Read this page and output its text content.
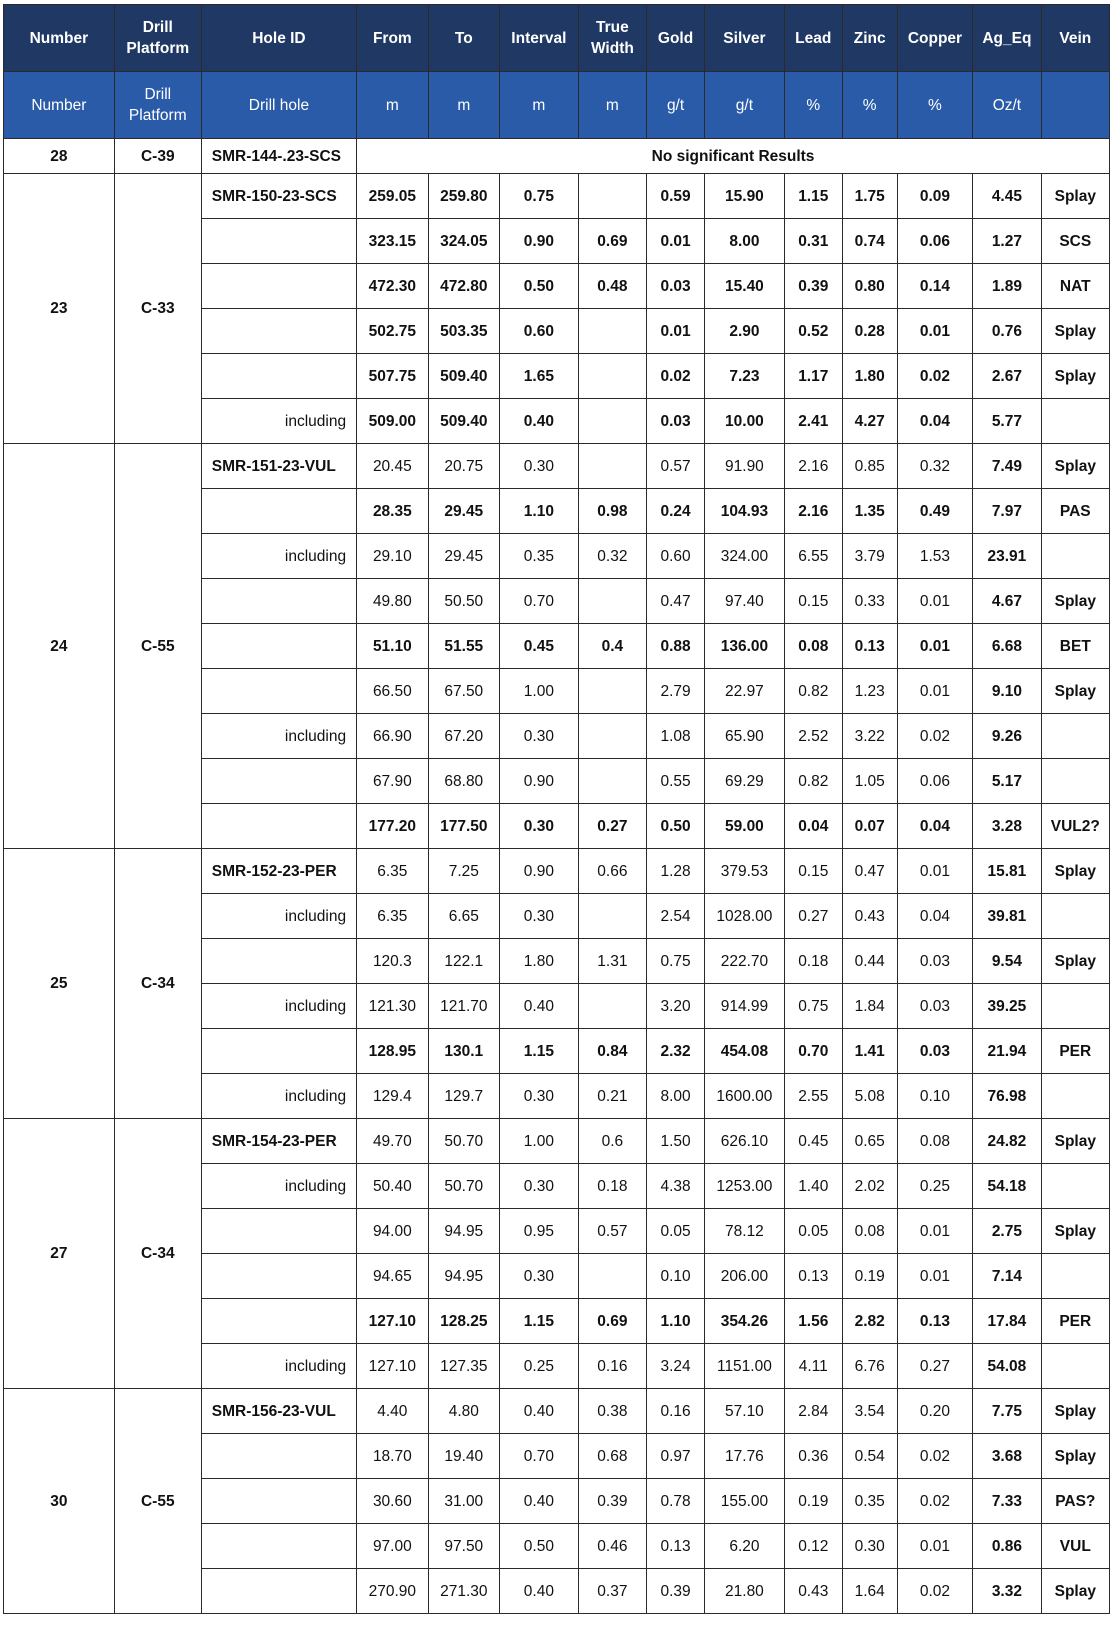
Number	Drill Platform	Hole ID	From	To	Interval	True Width	Gold	Silver	Lead	Zinc	Copper	Ag_Eq	Vein
Number	Drill Platform	Drill hole	m	m	m	m	g/t	g/t	%	%	%	Oz/t	
28	C-39	SMR-144-.23-SCS	No significant Results										
23	C-33	SMR-150-23-SCS	259.05	259.80	0.75		0.59	15.90	1.15	1.75	0.09	4.45	Splay
			323.15	324.05	0.90	0.69	0.01	8.00	0.31	0.74	0.06	1.27	SCS
			472.30	472.80	0.50	0.48	0.03	15.40	0.39	0.80	0.14	1.89	NAT
			502.75	503.35	0.60		0.01	2.90	0.52	0.28	0.01	0.76	Splay
			507.75	509.40	1.65		0.02	7.23	1.17	1.80	0.02	2.67	Splay
		including	509.00	509.40	0.40		0.03	10.00	2.41	4.27	0.04	5.77	
24	C-55	SMR-151-23-VUL	20.45	20.75	0.30		0.57	91.90	2.16	0.85	0.32	7.49	Splay
			28.35	29.45	1.10	0.98	0.24	104.93	2.16	1.35	0.49	7.97	PAS
		including	29.10	29.45	0.35	0.32	0.60	324.00	6.55	3.79	1.53	23.91	
			49.80	50.50	0.70		0.47	97.40	0.15	0.33	0.01	4.67	Splay
			51.10	51.55	0.45	0.4	0.88	136.00	0.08	0.13	0.01	6.68	BET
			66.50	67.50	1.00		2.79	22.97	0.82	1.23	0.01	9.10	Splay
		including	66.90	67.20	0.30		1.08	65.90	2.52	3.22	0.02	9.26	
			67.90	68.80	0.90		0.55	69.29	0.82	1.05	0.06	5.17	
			177.20	177.50	0.30	0.27	0.50	59.00	0.04	0.07	0.04	3.28	VUL2?
25	C-34	SMR-152-23-PER	6.35	7.25	0.90	0.66	1.28	379.53	0.15	0.47	0.01	15.81	Splay
		including	6.35	6.65	0.30		2.54	1028.00	0.27	0.43	0.04	39.81	
			120.3	122.1	1.80	1.31	0.75	222.70	0.18	0.44	0.03	9.54	Splay
		including	121.30	121.70	0.40		3.20	914.99	0.75	1.84	0.03	39.25	
			128.95	130.1	1.15	0.84	2.32	454.08	0.70	1.41	0.03	21.94	PER
		including	129.4	129.7	0.30	0.21	8.00	1600.00	2.55	5.08	0.10	76.98	
27	C-34	SMR-154-23-PER	49.70	50.70	1.00	0.6	1.50	626.10	0.45	0.65	0.08	24.82	Splay
		including	50.40	50.70	0.30	0.18	4.38	1253.00	1.40	2.02	0.25	54.18	
			94.00	94.95	0.95	0.57	0.05	78.12	0.05	0.08	0.01	2.75	Splay
			94.65	94.95	0.30		0.10	206.00	0.13	0.19	0.01	7.14	
			127.10	128.25	1.15	0.69	1.10	354.26	1.56	2.82	0.13	17.84	PER
		including	127.10	127.35	0.25	0.16	3.24	1151.00	4.11	6.76	0.27	54.08	
30	C-55	SMR-156-23-VUL	4.40	4.80	0.40	0.38	0.16	57.10	2.84	3.54	0.20	7.75	Splay
			18.70	19.40	0.70	0.68	0.97	17.76	0.36	0.54	0.02	3.68	Splay
			30.60	31.00	0.40	0.39	0.78	155.00	0.19	0.35	0.02	7.33	PAS?
			97.00	97.50	0.50	0.46	0.13	6.20	0.12	0.30	0.01	0.86	VUL
			270.90	271.30	0.40	0.37	0.39	21.80	0.43	1.64	0.02	3.32	Splay
